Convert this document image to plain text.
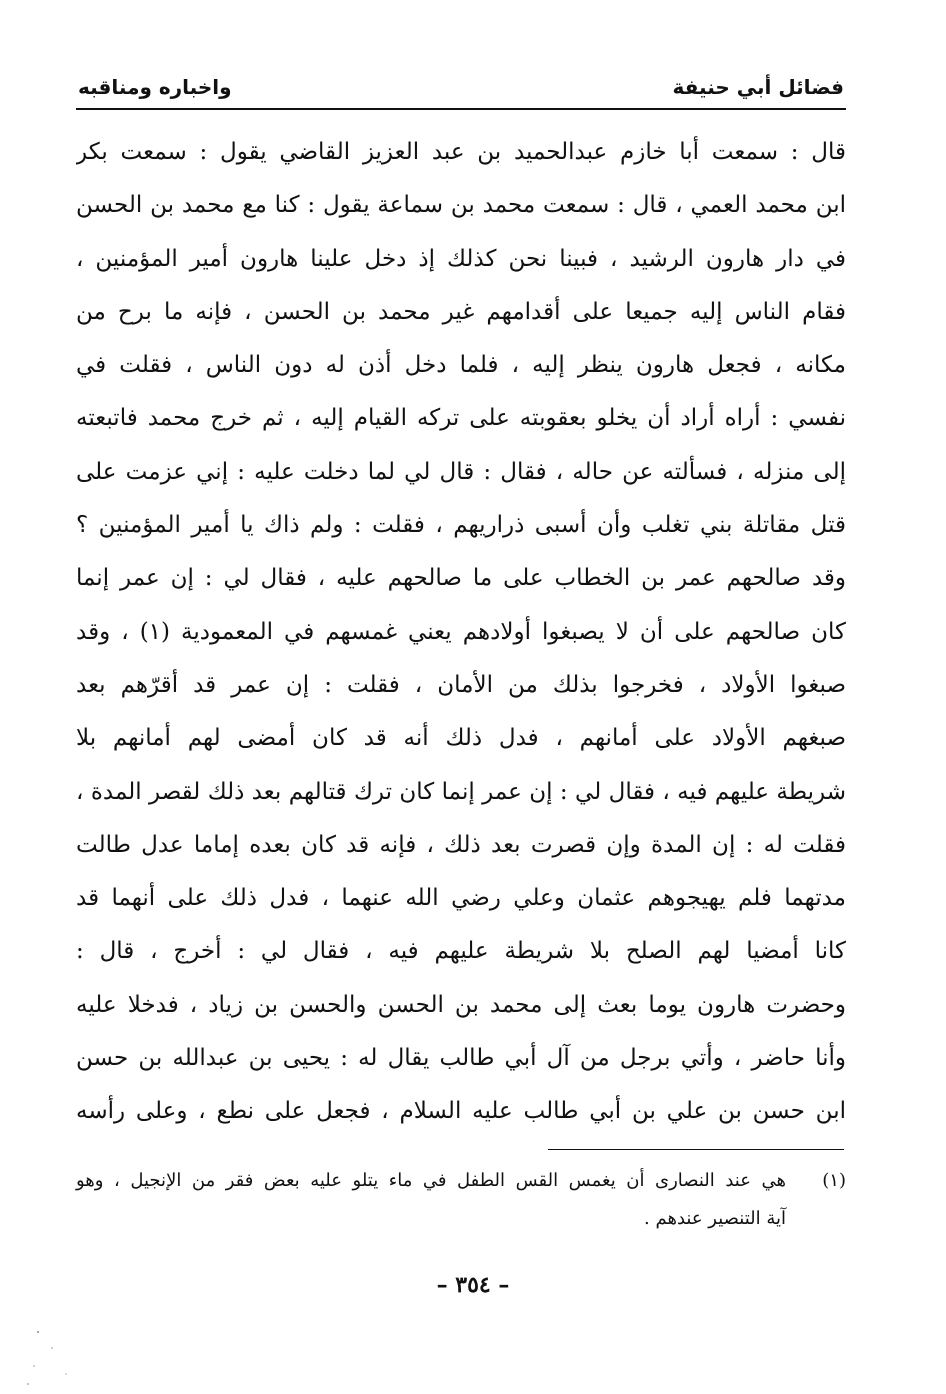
فضائل أبي حنيفة
واخباره ومناقبه
قال : سمعت أبا خازم عبدالحميد بن عبد العزيز القاضي يقول : سمعت بكر
ابن محمد العمي ، قال : سمعت محمد بن سماعة يقول : كنا مع محمد بن الحسن
في دار هارون الرشيد ، فبينا نحن كذلك إذ دخل علينا هارون أمير المؤمنين ،
فقام الناس إليه جميعا على أقدامهم غير محمد بن الحسن ، فإنه ما برح من
مكانه ، فجعل هارون ينظر إليه ، فلما دخل أذن له دون الناس ، فقلت في
نفسي : أراه أراد أن يخلو بعقوبته على تركه القيام إليه ، ثم خرج محمد فاتبعته
إلى منزله ، فسألته عن حاله ، فقال : قال لي لما دخلت عليه : إني عزمت على
قتل مقاتلة بني تغلب وأن أسبى ذراريهم ، فقلت : ولم ذاك يا أمير المؤمنين ؟
وقد صالحهم عمر بن الخطاب على ما صالحهم عليه ، فقال لي : إن عمر إنما
كان صالحهم على أن لا يصبغوا أولادهم يعني غمسهم في المعمودية (١) ، وقد
صبغوا الأولاد ، فخرجوا بذلك من الأمان ، فقلت : إن عمر قد أقرّهم بعد
صبغهم الأولاد على أمانهم ، فدل ذلك أنه قد كان أمضى لهم أمانهم بلا
شريطة عليهم فيه ، فقال لي : إن عمر إنما كان ترك قتالهم بعد ذلك لقصر المدة ،
فقلت له : إن المدة وإن قصرت بعد ذلك ، فإنه قد كان بعده إماما عدل طالت
مدتهما فلم يهيجوهم عثمان وعلي رضي الله عنهما ، فدل ذلك على أنهما قد
كانا أمضيا لهم الصلح بلا شريطة عليهم فيه ، فقال لي : أخرج ، قال :
وحضرت هارون يوما بعث إلى محمد بن الحسن والحسن بن زياد ، فدخلا عليه
وأنا حاضر ، وأتي برجل من آل أبي طالب يقال له : يحيى بن عبدالله بن حسن
ابن حسن بن علي بن أبي طالب عليه السلام ، فجعل على نطع ، وعلى رأسه
(١)
هي عند النصارى أن يغمس القس الطفل في ماء يتلو عليه بعض فقر من الإنجيل ، وهو
آية التنصير عندهم .
– ٣٥٤ –
